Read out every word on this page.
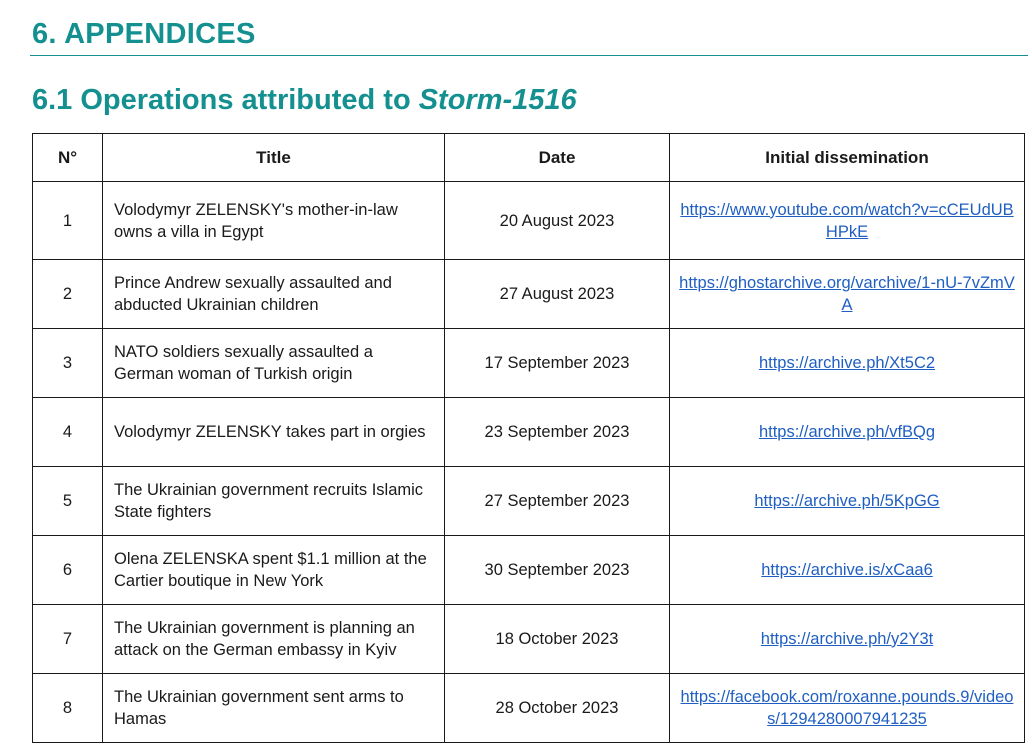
6. APPENDICES
6.1 Operations attributed to Storm-1516
N°	Title	Date	Initial dissemination
1	Volodymyr ZELENSKY's mother-in-law owns a villa in Egypt	20 August 2023	https://www.youtube.com/watch?v=cCEUdUBHPkE
2	Prince Andrew sexually assaulted and abducted Ukrainian children	27 August 2023	https://ghostarchive.org/varchive/1-nU-7vZmVA
3	NATO soldiers sexually assaulted a German woman of Turkish origin	17 September 2023	https://archive.ph/Xt5C2
4	Volodymyr ZELENSKY takes part in orgies	23 September 2023	https://archive.ph/vfBQg
5	The Ukrainian government recruits Islamic State fighters	27 September 2023	https://archive.ph/5KpGG
6	Olena ZELENSKA spent $1.1 million at the Cartier boutique in New York	30 September 2023	https://archive.is/xCaa6
7	The Ukrainian government is planning an attack on the German embassy in Kyiv	18 October 2023	https://archive.ph/y2Y3t
8	The Ukrainian government sent arms to Hamas	28 October 2023	https://facebook.com/roxanne.pounds.9/videos/1294280007941235
